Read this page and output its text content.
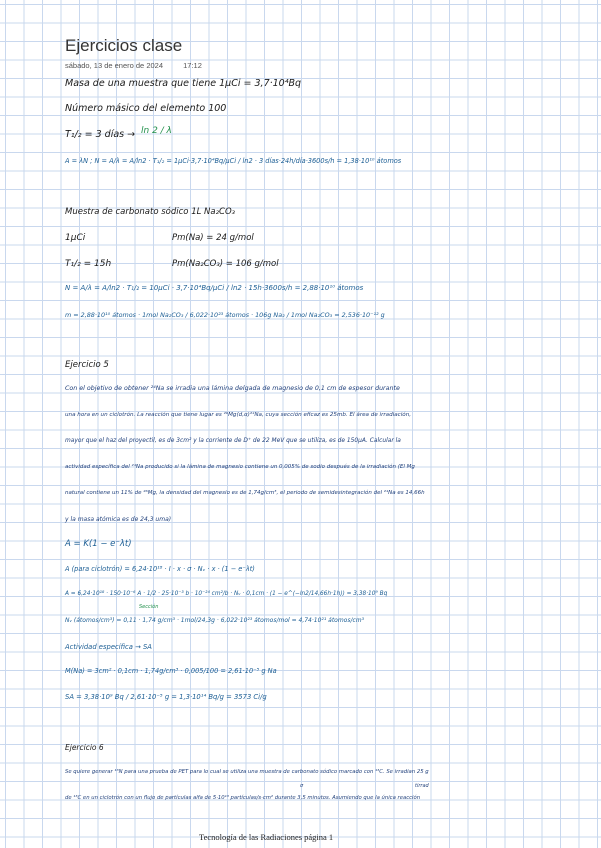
Ejercicios clase
sábado, 13 de enero de 2024	17:12
Masa de una muestra que tiene 1μCi = 3,7·10⁴Bq
Número másico del elemento 100
T₁/₂ = 3 días → ln 2 / λ
A = λN ; N = A/λ = A/ln2 · T₁/₂ = 1μCi·3,7·10⁴Bq/μCi / ln2 · 3 días·24h/día·3600s/h = 1,38·10¹⁰ átomos
Muestra de carbonato sódico 1L Na₂CO₃
1μCi	Pm(Na) = 24 g/mol
T₁/₂ = 15h	Pm(Na₂CO₃) = 106 g/mol
N = A/λ = A/ln2 · T₁/₂ = 10μCi · 3,7·10⁴Bq/μCi / ln2 · 15h·3600s/h = 2,88·10¹⁰ átomos
m = 2,88·10¹⁰ átomos · 1mol Na₂CO₃ / 6,022·10²³ átomos · 106g Na₂ / 1mol Na₂CO₃ = 2,536·10⁻¹² g
Ejercicio 5
Con el objetivo de obtener ²⁴Na se irradia una lámina delgada de magnesio de 0,1 cm de espesor durante
una hora en un ciclotrón. La reacción que tiene lugar es ²⁶Mg(d,α)²⁴Na, cuya sección eficaz es 25mb. El área de irradiación,
mayor que el haz del proyectil, es de 3cm² y la corriente de D⁺ de 22 MeV que se utiliza, es de 150μA. Calcular la
actividad específica del ²⁴Na producido si la lámina de magnesio contiene un 0,005% de sodio después de la irradiación (El Mg
natural contiene un 11% de ²⁶Mg, la densidad del magnesio es de 1,74g/cm³, el periodo de semidesintegración del ²⁴Na es 14,66h
y la masa atómica es de 24,3 uma)
A = K(1 − e⁻λt)
A (para ciclotrón) = 6,24·10¹⁸ · I · x · σ · Nᵥ · x · (1 − e⁻λt)
A = 6,24·10¹⁸ · 150·10⁻⁶ A · 1/2 · 25·10⁻³ b · 10⁻²⁴ cm²/b · Nᵥ · 0,1cm · (1 − e^(−ln2/14,66h·1h)) = 3,38·10⁹ Bq
Sección
Nᵥ (átomos/cm³) = 0,11 · 1,74 g/cm³ · 1mol/24,3g · 6,022·10²³ átomos/mol = 4,74·10²¹ átomos/cm³
Actividad específica → SA
M(Na) = 3cm² · 0,1cm · 1,74g/cm³ · 0,005/100 = 2,61·10⁻⁵ g Na
SA = 3,38·10⁹ Bq / 2,61·10⁻⁵ g = 1,3·10¹⁴ Bq/g = 3573 Ci/g
Ejercicio 6
Se quiere generar ¹³N para una prueba de PET para lo cual se utiliza una muestra de carbonato sódico marcado con ¹³C. Se irradian 25 g
σ	tirrad
de ¹³C en un ciclotrón con un flujo de partículas alfa de 5·10¹³ partículas/s·cm² durante 3,5 minutos. Asumiendo que la única reacción
Tecnología de las Radiaciones página 1
